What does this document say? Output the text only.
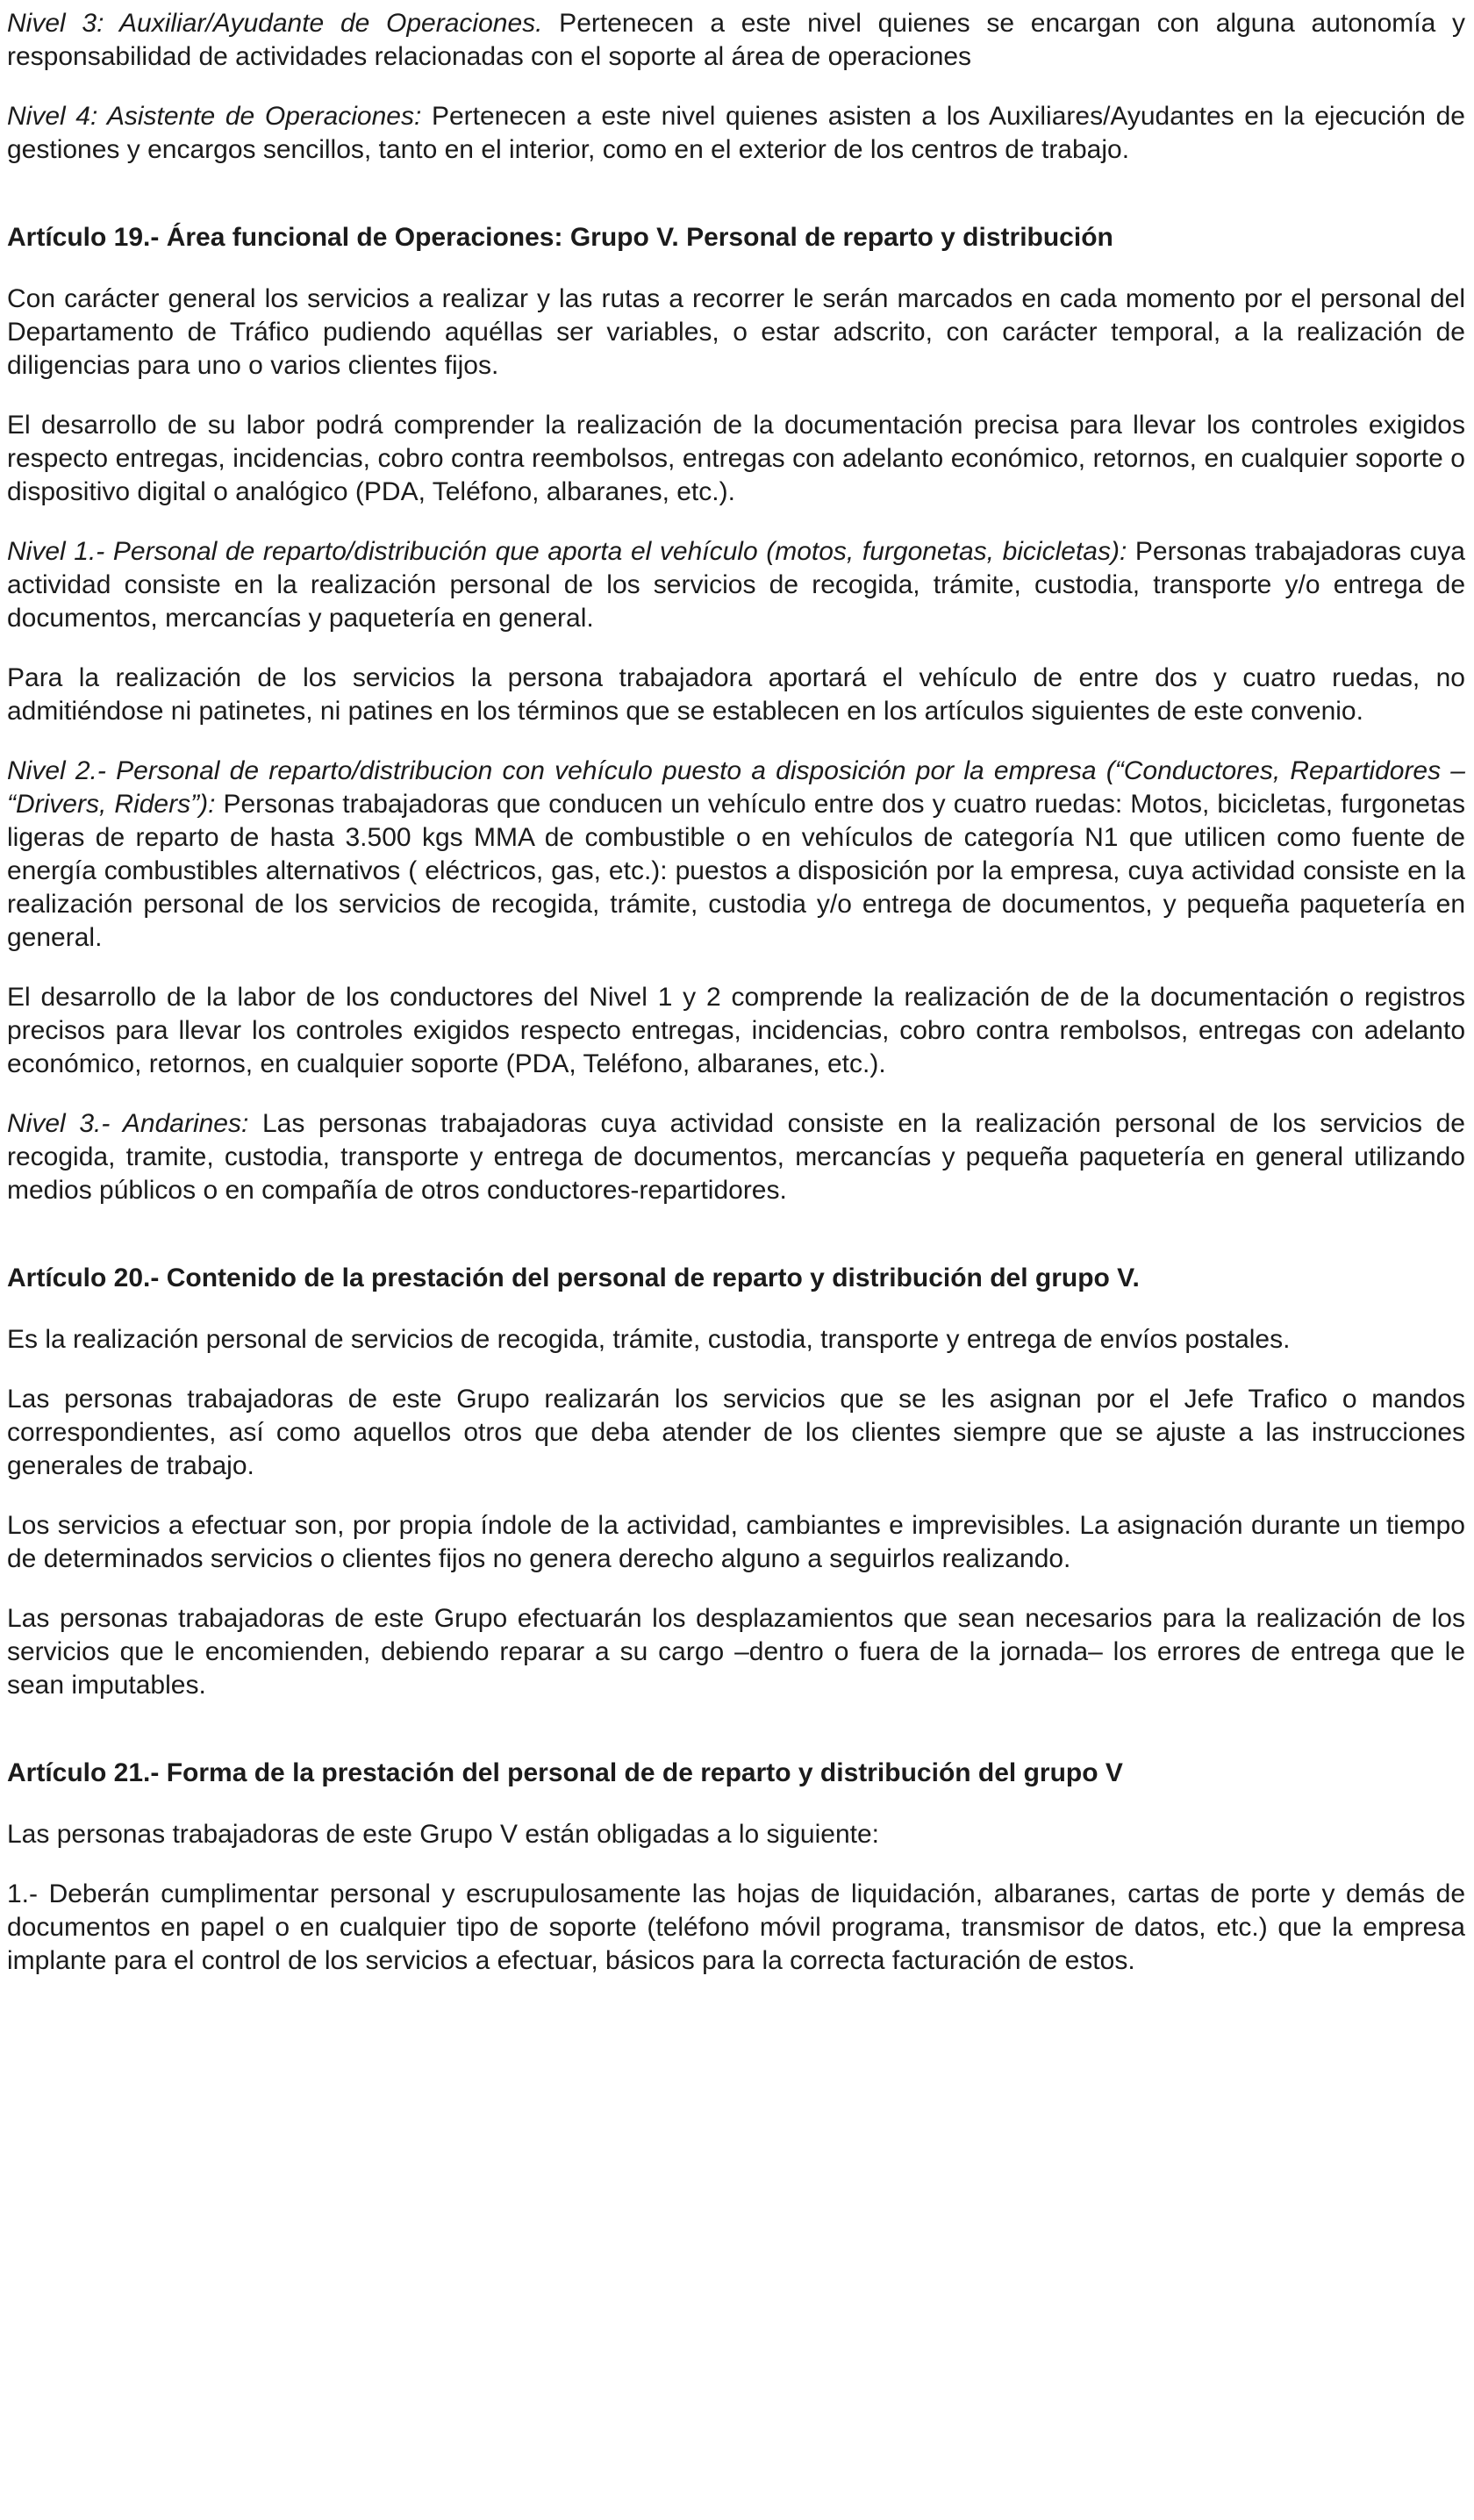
Nivel 3: Auxiliar/Ayudante de Operaciones. Pertenecen a este nivel quienes se encargan con alguna autonomía y responsabilidad de actividades relacionadas con el soporte al área de operaciones

Nivel 4: Asistente de Operaciones: Pertenecen a este nivel quienes asisten a los Auxiliares/Ayudantes en la ejecución de gestiones y encargos sencillos, tanto en el interior, como en el exterior de los centros de trabajo.

Artículo 19.- Área funcional de Operaciones: Grupo V. Personal de reparto y distribución

Con carácter general los servicios a realizar y las rutas a recorrer le serán marcados en cada momento por el personal del Departamento de Tráfico pudiendo aquéllas ser variables, o estar adscrito, con carácter temporal, a la realización de diligencias para uno o varios clientes fijos.

El desarrollo de su labor podrá comprender la realización de la documentación precisa para llevar los controles exigidos respecto entregas, incidencias, cobro contra reembolsos, entregas con adelanto económico, retornos, en cualquier soporte o dispositivo digital o analógico (PDA, Teléfono, albaranes, etc.).

Nivel 1.- Personal de reparto/distribución que aporta el vehículo (motos, furgonetas, bicicletas): Personas trabajadoras cuya actividad consiste en la realización personal de los servicios de recogida, trámite, custodia, transporte y/o entrega de documentos, mercancías y paquetería en general.

Para la realización de los servicios la persona trabajadora aportará el vehículo de entre dos y cuatro ruedas, no admitiéndose ni patinetes, ni patines en los términos que se establecen en los artículos siguientes de este convenio.

Nivel 2.- Personal de reparto/distribucion con vehículo puesto a disposición por la empresa (“Conductores, Repartidores – “Drivers, Riders”): Personas trabajadoras que conducen un vehículo entre dos y cuatro ruedas: Motos, bicicletas, furgonetas ligeras de reparto de hasta 3.500 kgs MMA de combustible o en vehículos de categoría N1 que utilicen como fuente de energía combustibles alternativos ( eléctricos, gas, etc.): puestos a disposición por la empresa, cuya actividad consiste en la realización personal de los servicios de recogida, trámite, custodia y/o entrega de documentos, y pequeña paquetería en general.

El desarrollo de la labor de los conductores del Nivel 1 y 2 comprende la realización de de la documentación o registros precisos para llevar los controles exigidos respecto entregas, incidencias, cobro contra rembolsos, entregas con adelanto económico, retornos, en cualquier soporte (PDA, Teléfono, albaranes, etc.).

Nivel 3.- Andarines: Las personas trabajadoras cuya actividad consiste en la realización personal de los servicios de recogida, tramite, custodia, transporte y entrega de documentos, mercancías y pequeña paquetería en general utilizando medios públicos o en compañía de otros conductores-repartidores.

Artículo 20.- Contenido de la prestación del personal de reparto y distribución del grupo V.

Es la realización personal de servicios de recogida, trámite, custodia, transporte y entrega de envíos postales.

Las personas trabajadoras de este Grupo realizarán los servicios que se les asignan por el Jefe Trafico o mandos correspondientes, así como aquellos otros que deba atender de los clientes siempre que se ajuste a las instrucciones generales de trabajo.

Los servicios a efectuar son, por propia índole de la actividad, cambiantes e imprevisibles. La asignación durante un tiempo de determinados servicios o clientes fijos no genera derecho alguno a seguirlos realizando.

Las personas trabajadoras de este Grupo efectuarán los desplazamientos que sean necesarios para la realización de los servicios que le encomienden, debiendo reparar a su cargo –dentro o fuera de la jornada– los errores de entrega que le sean imputables.

Artículo 21.- Forma de la prestación del personal de de reparto y distribución del grupo V

Las personas trabajadoras de este Grupo V están obligadas a lo siguiente:

1.- Deberán cumplimentar personal y escrupulosamente las hojas de liquidación, albaranes, cartas de porte y demás de documentos en papel o en cualquier tipo de soporte (teléfono móvil programa, transmisor de datos, etc.) que la empresa implante para el control de los servicios a efectuar, básicos para la correcta facturación de estos.
